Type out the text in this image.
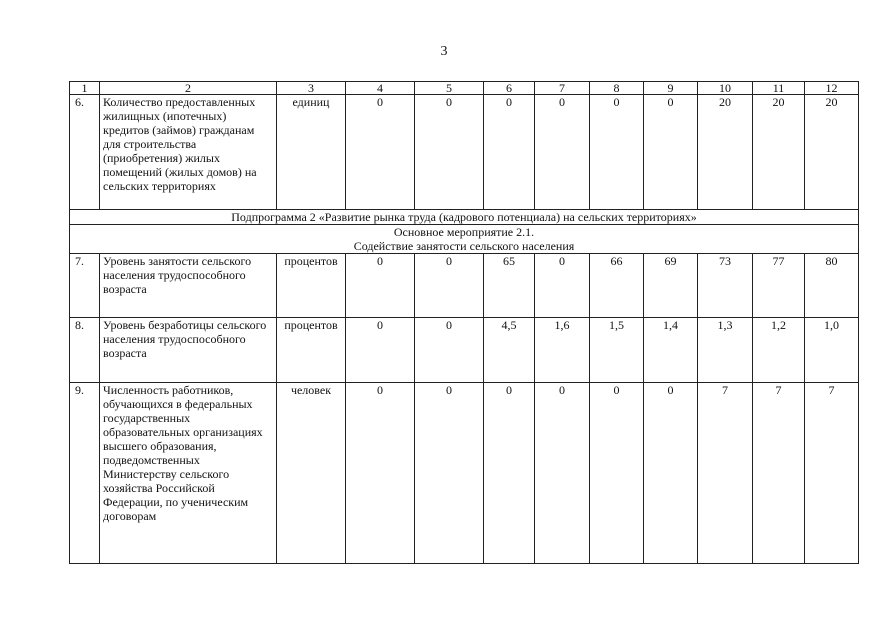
3
1	2	3	4	5	6	7	8	9	10	11	12
6.	Количество предоставленных жилищных (ипотечных) кредитов (займов) гражданам для строительства (приобретения) жилых помещений (жилых домов) на сельских территориях	единиц	0	0	0	0	0	0	20	20	20
Подпрограмма 2 «Развитие рынка труда (кадрового потенциала) на сельских территориях»											

Основное мероприятие 2.1.
Содействие занятости сельского населения											

7.	Уровень занятости сельского населения трудоспособного возраста	процентов	0	0	65	0	66	69	73	77	80
8.	Уровень безработицы сельского населения трудоспособного возраста	процентов	0	0	4,5	1,6	1,5	1,4	1,3	1,2	1,0
9.	Численность работников, обучающихся в федеральных государственных образовательных организациях высшего образования, подведомственных Министерству сельского хозяйства Российской Федерации, по ученическим договорам	человек	0	0	0	0	0	0	7	7	7
